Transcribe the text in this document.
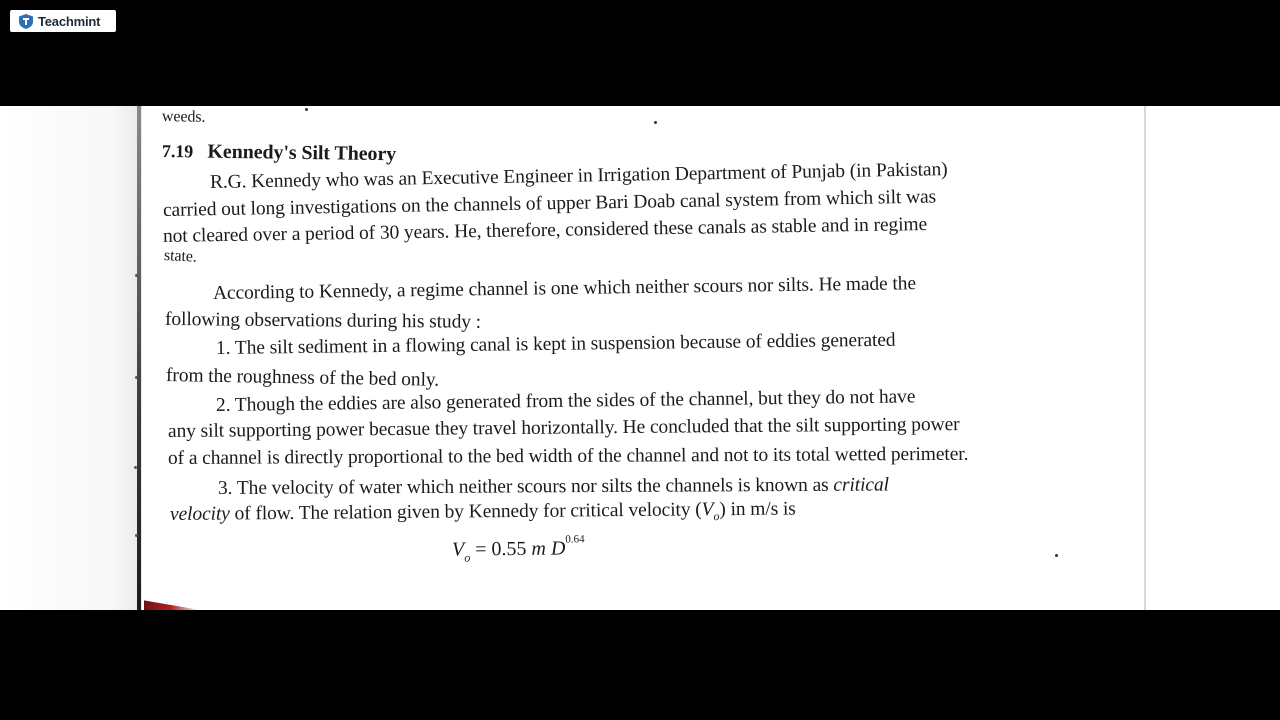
Teachmint
weeds.
7.19 Kennedy's Silt Theory
R.G. Kennedy who was an Executive Engineer in Irrigation Department of Punjab (in Pakistan)
carried out long investigations on the channels of upper Bari Doab canal system from which silt was
not cleared over a period of 30 years. He, therefore, considered these canals as stable and in regime
state.
According to Kennedy, a regime channel is one which neither scours nor silts. He made the
following observations during his study :
1. The silt sediment in a flowing canal is kept in suspension because of eddies generated
from the roughness of the bed only.
2. Though the eddies are also generated from the sides of the channel, but they do not have
any silt supporting power becasue they travel horizontally. He concluded that the silt supporting power
of a channel is directly proportional to the bed width of the channel and not to its total wetted perimeter.
3. The velocity of water which neither scours nor silts the channels is known as critical
velocity of flow. The relation given by Kennedy for critical velocity $(V_o)$ in m/s is
$V_o = 0.55$ m $D^{0.64}$
